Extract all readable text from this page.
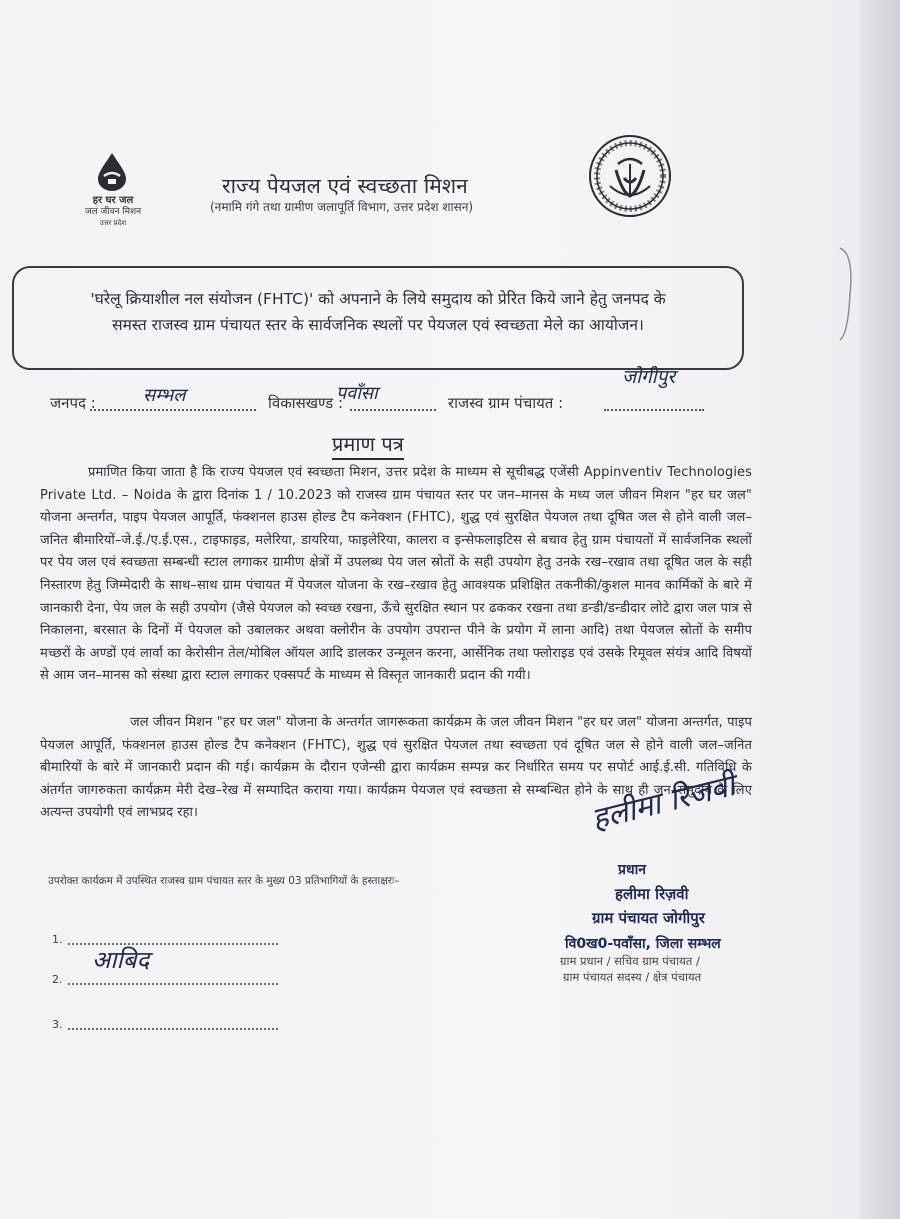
हर घर जल
जल जीवन मिशन
उत्तर प्रदेश
राज्य पेयजल एवं स्वच्छता मिशन
(नमामि गंगे तथा ग्रामीण जलापूर्ति विभाग, उत्तर प्रदेश शासन)
'घरेलू क्रियाशील नल संयोजन (FHTC)' को अपनाने के लिये समुदाय को प्रेरित किये जाने हेतु जनपद के
समस्त राजस्व ग्राम पंचायत स्तर के सार्वजनिक स्थलों पर पेयजल एवं स्वच्छता मेले का आयोजन।
जनपद :	सम्भल	विकासखण्ड :
पवाँसा	राजस्व ग्राम पंचायत :
जोगीपुर
प्रमाण पत्र
प्रमाणित किया जाता है कि राज्य पेयजल एवं स्वच्छता मिशन, उत्तर प्रदेश के माध्यम से सूचीबद्ध एजेंसी Appinventiv Technologies Private Ltd. – Noida के द्वारा दिनांक 1 / 10.2023 को राजस्व ग्राम पंचायत स्तर पर जन–मानस के मध्य जल जीवन मिशन "हर घर जल" योजना अन्तर्गत, पाइप पेयजल आपूर्ति, फंक्शनल हाउस होल्ड टैप कनेक्शन (FHTC), शुद्ध एवं सुरक्षित पेयजल तथा दूषित जल से होने वाली जल–जनित बीमारियों–जे.ई./ए.ई.एस., टाइफाइड, मलेरिया, डायरिया, फाइलेरिया, कालरा व इन्सेफलाइटिस से बचाव हेतु ग्राम पंचायतों में सार्वजनिक स्थलों पर पेय जल एवं स्वच्छता सम्बन्धी स्टाल लगाकर ग्रामीण क्षेत्रों में उपलब्ध पेय जल स्रोतों के सही उपयोग हेतु उनके रख–रखाव तथा दूषित जल के सही निस्तारण हेतु जिम्मेदारी के साथ–साथ ग्राम पंचायत में पेयजल योजना के रख–रखाव हेतु आवश्यक प्रशिक्षित तकनीकी/कुशल मानव कार्मिकों के बारे में जानकारी देना, पेय जल के सही उपयोग (जैसे पेयजल को स्वच्छ रखना, ऊँचे सुरक्षित स्थान पर ढककर रखना तथा डन्डी/डन्डीदार लोटे द्वारा जल पात्र से निकालना, बरसात के दिनों में पेयजल को उबालकर अथवा क्लोरीन के उपयोग उपरान्त पीने के प्रयोग में लाना आदि) तथा पेयजल स्रोतों के समीप मच्छरों के अण्डों एवं लार्वा का केरोसीन तेल/मोबिल ऑयल आदि डालकर उन्मूलन करना, आर्सेनिक तथा फ्लोराइड एवं उसके रिमूवल संयंत्र आदि विषयों से आम जन–मानस को संस्था द्वारा स्टाल लगाकर एक्सपर्ट के माध्यम से विस्तृत जानकारी प्रदान की गयी।
जल जीवन मिशन "हर घर जल" योजना के अन्तर्गत जागरूकता कार्यक्रम के जल जीवन मिशन "हर घर जल" योजना अन्तर्गत, पाइप पेयजल आपूर्ति, फंक्शनल हाउस होल्ड टैप कनेक्शन (FHTC), शुद्ध एवं सुरक्षित पेयजल तथा स्वच्छता एवं दूषित जल से होने वाली जल–जनित बीमारियों के बारे में जानकारी प्रदान की गई। कार्यक्रम के दौरान एजेन्सी द्वारा कार्यक्रम सम्पन्न कर निर्धारित समय पर सपोर्ट आई.ई.सी. गतिविधि के अंतर्गत जागरुकता कार्यक्रम मेरी देख–रेख में सम्पादित कराया गया। कार्यक्रम पेयजल एवं स्वच्छता से सम्बन्धित होने के साथ ही जन–समुदाय के लिए अत्यन्त उपयोगी एवं लाभप्रद रहा।	हलीमा रिजवी
प्रधान
हलीमा रिज़वी
ग्राम पंचायत जोगीपुर
वि0ख0-पवाँसा, जिला सम्भल
ग्राम प्रधान / सचिव ग्राम पंचायत /
ग्राम पंचायत सदस्य / क्षेत्र पंचायत
उपरोक्त कार्यक्रम में उपस्थित राजस्व ग्राम पंचायत स्तर के मुख्य 03 प्रतिभागियों के हस्ताक्षरः–
1.
2.
आबिद
3.
